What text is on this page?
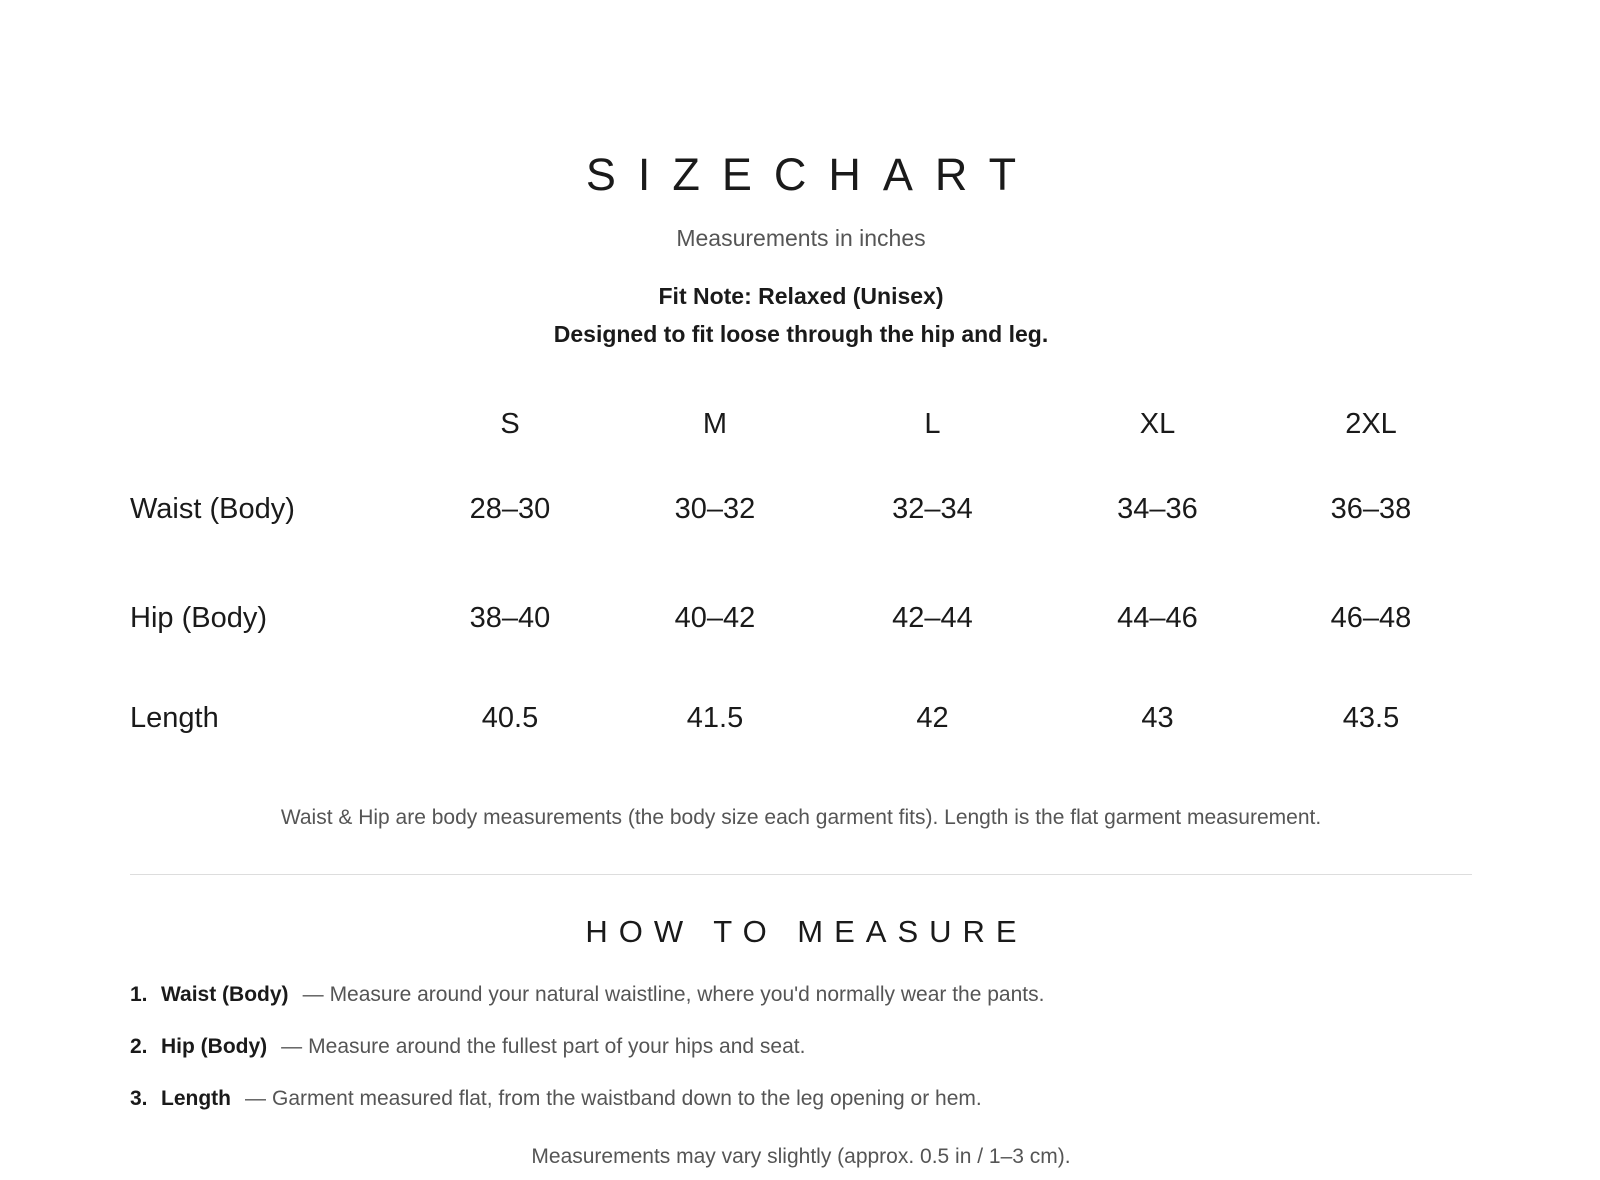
SIZECHART
Measurements in inches
Fit Note: Relaxed (Unisex)
Designed to fit loose through the hip and leg.
	S	M	L	XL	2XL
Waist (Body)	28–30	30–32	32–34	34–36	36–38
Hip (Body)	38–40	40–42	42–44	44–46	46–48
Length	40.5	41.5	42	43	43.5
Waist & Hip are body measurements (the body size each garment fits). Length is the flat garment measurement.
HOW TO MEASURE
1. Waist (Body) — Measure around your natural waistline, where you'd normally wear the pants.
2. Hip (Body) — Measure around the fullest part of your hips and seat.
3. Length — Garment measured flat, from the waistband down to the leg opening or hem.
Measurements may vary slightly (approx. 0.5 in / 1–3 cm).
